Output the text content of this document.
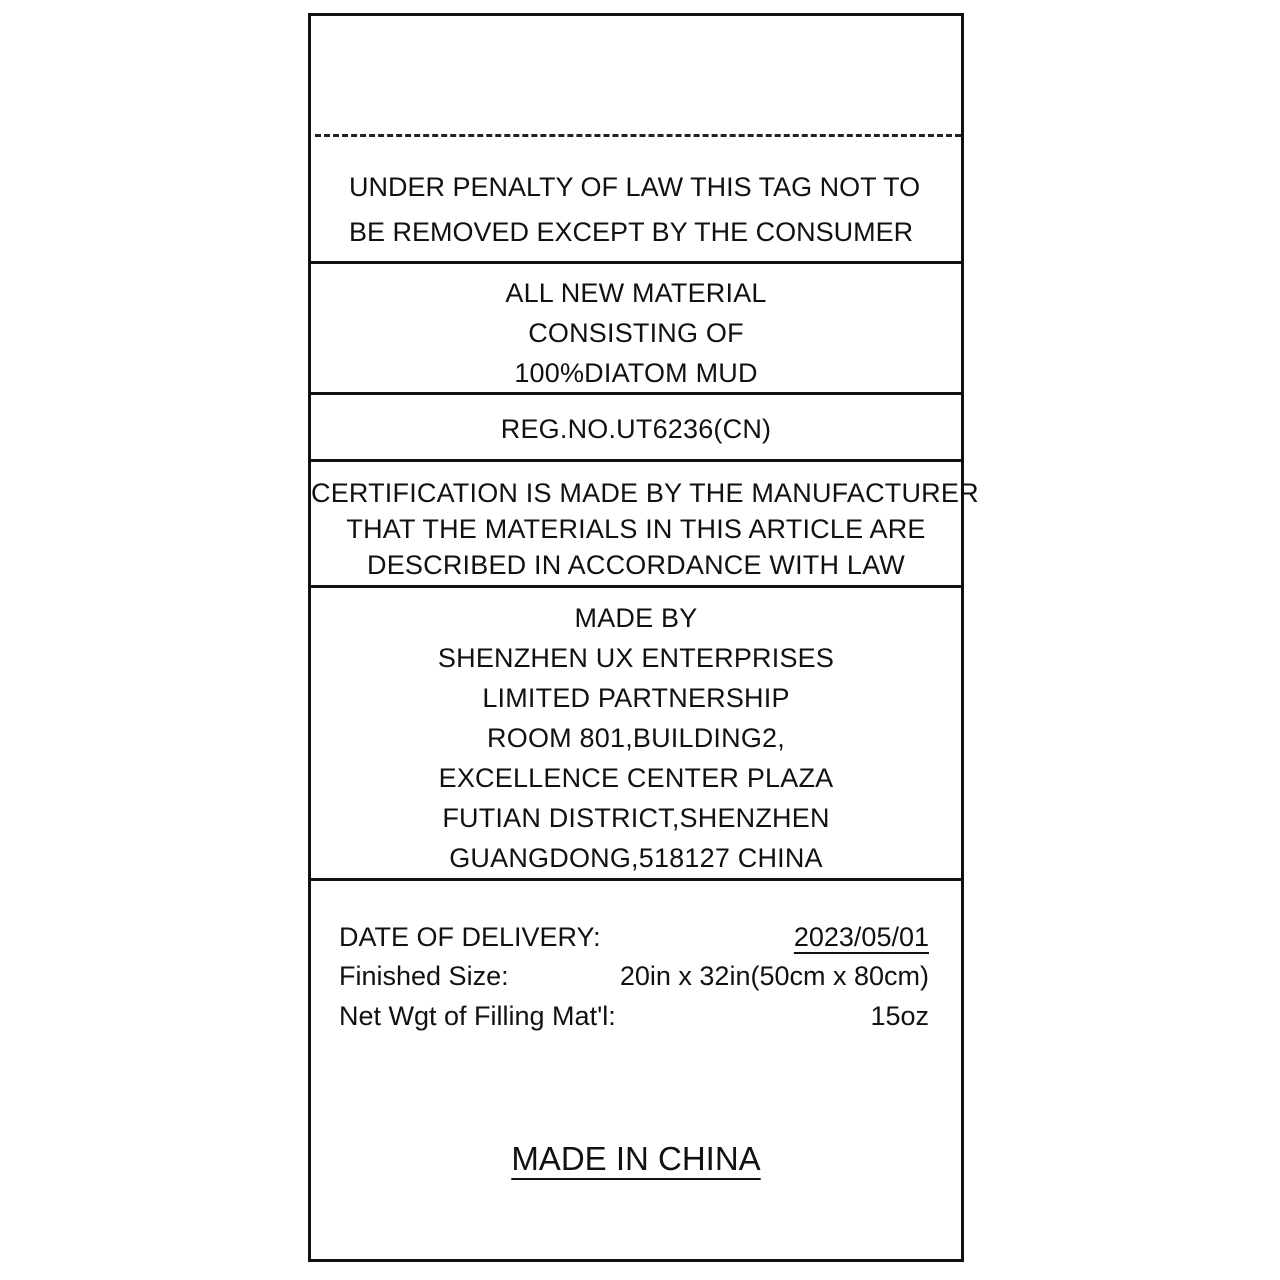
UNDER PENALTY OF LAW THIS TAG NOT TO
BE REMOVED EXCEPT BY THE CONSUMER
ALL NEW MATERIAL
CONSISTING OF
100%DIATOM MUD
REG.NO.UT6236(CN)
CERTIFICATION IS MADE BY THE MANUFACTURER
THAT THE MATERIALS IN THIS ARTICLE ARE
DESCRIBED IN ACCORDANCE WITH LAW
MADE BY
SHENZHEN UX ENTERPRISES
LIMITED PARTNERSHIP
ROOM 801,BUILDING2,
EXCELLENCE CENTER PLAZA
FUTIAN DISTRICT,SHENZHEN
GUANGDONG,518127 CHINA
DATE OF DELIVERY:	2023/05/01
Finished Size:	20in x 32in(50cm x 80cm)
Net Wgt of Filling Mat'l:	15oz
MADE IN CHINA
